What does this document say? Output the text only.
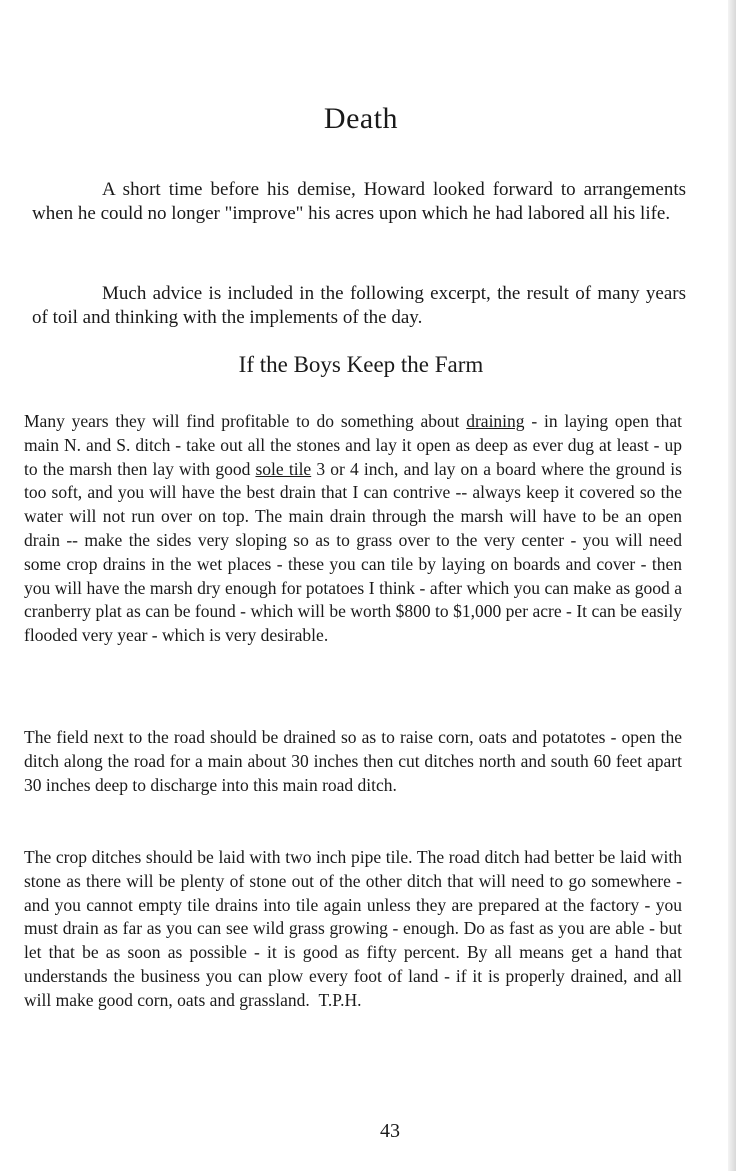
Death

A short time before his demise, Howard looked forward to arrangements when he could no longer "improve" his acres upon which he had labored all his life.

Much advice is included in the following excerpt, the result of many years of toil and thinking with the implements of the day.

If the Boys Keep the Farm

Many years they will find profitable to do something about draining - in laying open that main N. and S. ditch - take out all the stones and lay it open as deep as ever dug at least - up to the marsh then lay with good sole tile 3 or 4 inch, and lay on a board where the ground is too soft, and you will have the best drain that I can contrive -- always keep it covered so the water will not run over on top. The main drain through the marsh will have to be an open drain -- make the sides very sloping so as to grass over to the very center - you will need some crop drains in the wet places - these you can tile by laying on boards and cover - then you will have the marsh dry enough for potatoes I think - after which you can make as good a cranberry plat as can be found - which will be worth $800 to $1,000 per acre - It can be easily flooded very year - which is very desirable.

The field next to the road should be drained so as to raise corn, oats and potatotes - open the ditch along the road for a main about 30 inches then cut ditches north and south 60 feet apart 30 inches deep to discharge into this main road ditch.

The crop ditches should be laid with two inch pipe tile. The road ditch had better be laid with stone as there will be plenty of stone out of the other ditch that will need to go somewhere - and you cannot empty tile drains into tile again unless they are prepared at the factory - you must drain as far as you can see wild grass growing - enough. Do as fast as you are able - but let that be as soon as possible - it is good as fifty percent. By all means get a hand that understands the business you can plow every foot of land - if it is properly drained, and all will make good corn, oats and grassland. T.P.H.

43
